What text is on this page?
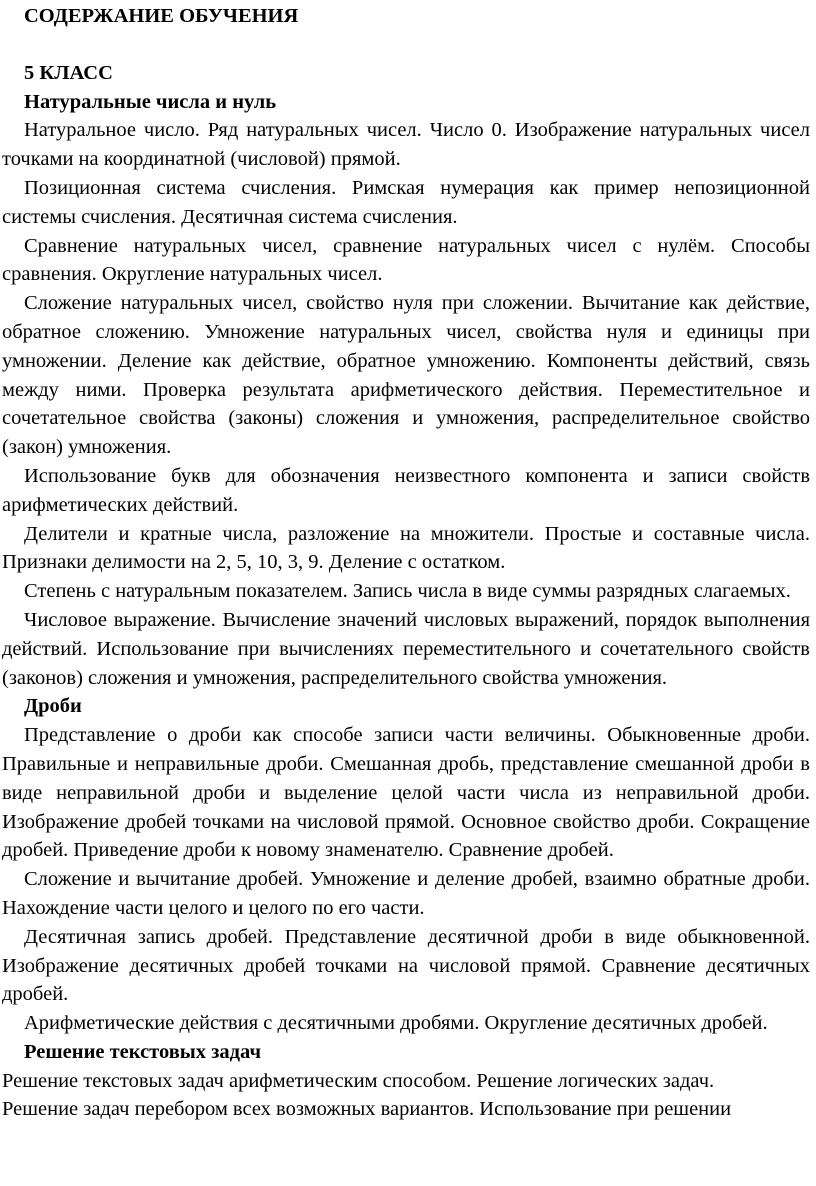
СОДЕРЖАНИЕ ОБУЧЕНИЯ

5 КЛАСС

Натуральные числа и нуль

Натуральное число. Ряд натуральных чисел. Число 0. Изображение натуральных чисел точками на координатной (числовой) прямой.

Позиционная система счисления. Римская нумерация как пример непозиционной системы счисления. Десятичная система счисления.

Сравнение натуральных чисел, сравнение натуральных чисел с нулём. Способы сравнения. Округление натуральных чисел.

Сложение натуральных чисел, свойство нуля при сложении. Вычитание как действие, обратное сложению. Умножение натуральных чисел, свойства нуля и единицы при умножении. Деление как действие, обратное умножению. Компоненты действий, связь между ними. Проверка результата арифметического действия. Переместительное и сочетательное свойства (законы) сложения и умножения, распределительное свойство (закон) умножения.

Использование букв для обозначения неизвестного компонента и записи свойств арифметических действий.

Делители и кратные числа, разложение на множители. Простые и составные числа. Признаки делимости на 2, 5, 10, 3, 9. Деление с остатком.

Степень с натуральным показателем. Запись числа в виде суммы разрядных слагаемых.

Числовое выражение. Вычисление значений числовых выражений, порядок выполнения действий. Использование при вычислениях переместительного и сочетательного свойств (законов) сложения и умножения, распределительного свойства умножения.

Дроби

Представление о дроби как способе записи части величины. Обыкновенные дроби. Правильные и неправильные дроби. Смешанная дробь, представление смешанной дроби в виде неправильной дроби и выделение целой части числа из неправильной дроби. Изображение дробей точками на числовой прямой. Основное свойство дроби. Сокращение дробей. Приведение дроби к новому знаменателю. Сравнение дробей.

Сложение и вычитание дробей. Умножение и деление дробей, взаимно обратные дроби. Нахождение части целого и целого по его части.

Десятичная запись дробей. Представление десятичной дроби в виде обыкновенной. Изображение десятичных дробей точками на числовой прямой. Сравнение десятичных дробей.

Арифметические действия с десятичными дробями. Округление десятичных дробей.

Решение текстовых задач

Решение текстовых задач арифметическим способом. Решение логических задач.

Решение задач перебором всех возможных вариантов. Использование при решении
